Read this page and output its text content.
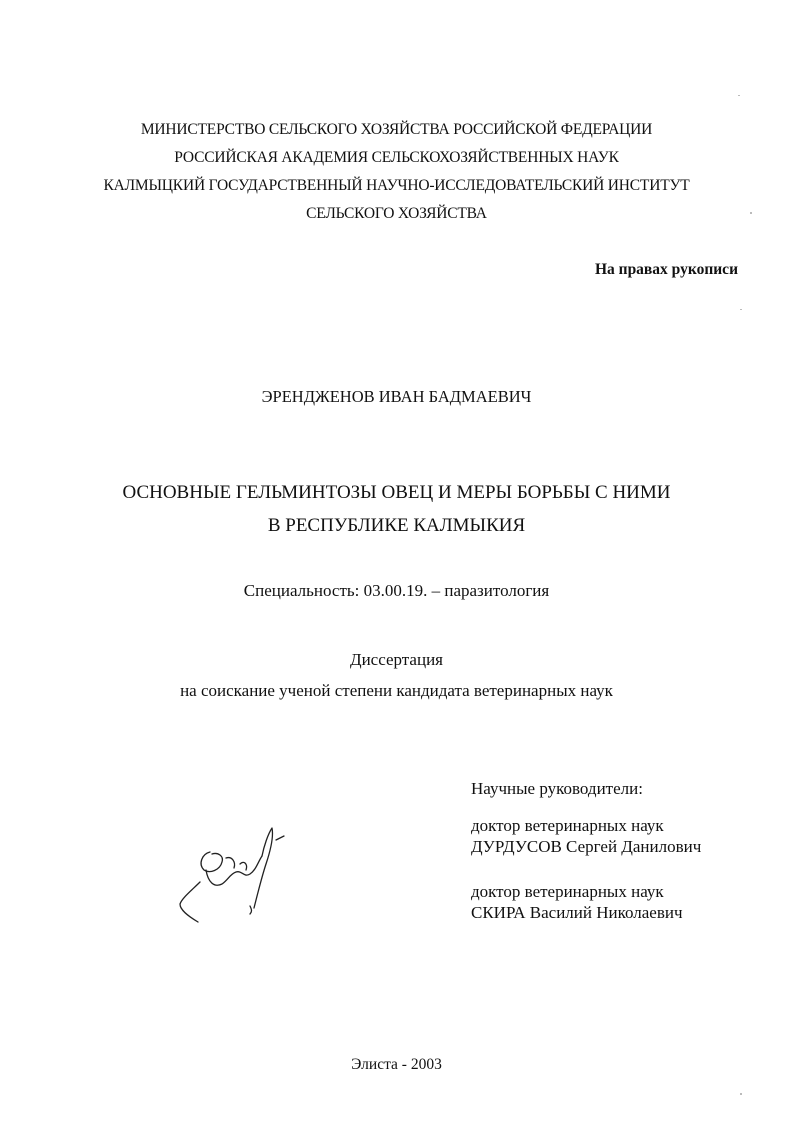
МИНИСТЕРСТВО СЕЛЬСКОГО ХОЗЯЙСТВА РОССИЙСКОЙ ФЕДЕРАЦИИ
РОССИЙСКАЯ АКАДЕМИЯ СЕЛЬСКОХОЗЯЙСТВЕННЫХ НАУК
КАЛМЫЦКИЙ ГОСУДАРСТВЕННЫЙ НАУЧНО-ИССЛЕДОВАТЕЛЬСКИЙ ИНСТИТУТ
СЕЛЬСКОГО ХОЗЯЙСТВА
На правах рукописи
ЭРЕНДЖЕНОВ ИВАН БАДМАЕВИЧ
ОСНОВНЫЕ ГЕЛЬМИНТОЗЫ ОВЕЦ И МЕРЫ БОРЬБЫ С НИМИ
В РЕСПУБЛИКЕ КАЛМЫКИЯ
Специальность: 03.00.19. – паразитология
Диссертация
на соискание ученой степени кандидата ветеринарных наук
Научные руководители:
доктор ветеринарных наук
ДУРДУСОВ Сергей Данилович
доктор ветеринарных наук
СКИРА Василий Николаевич
Элиста - 2003
